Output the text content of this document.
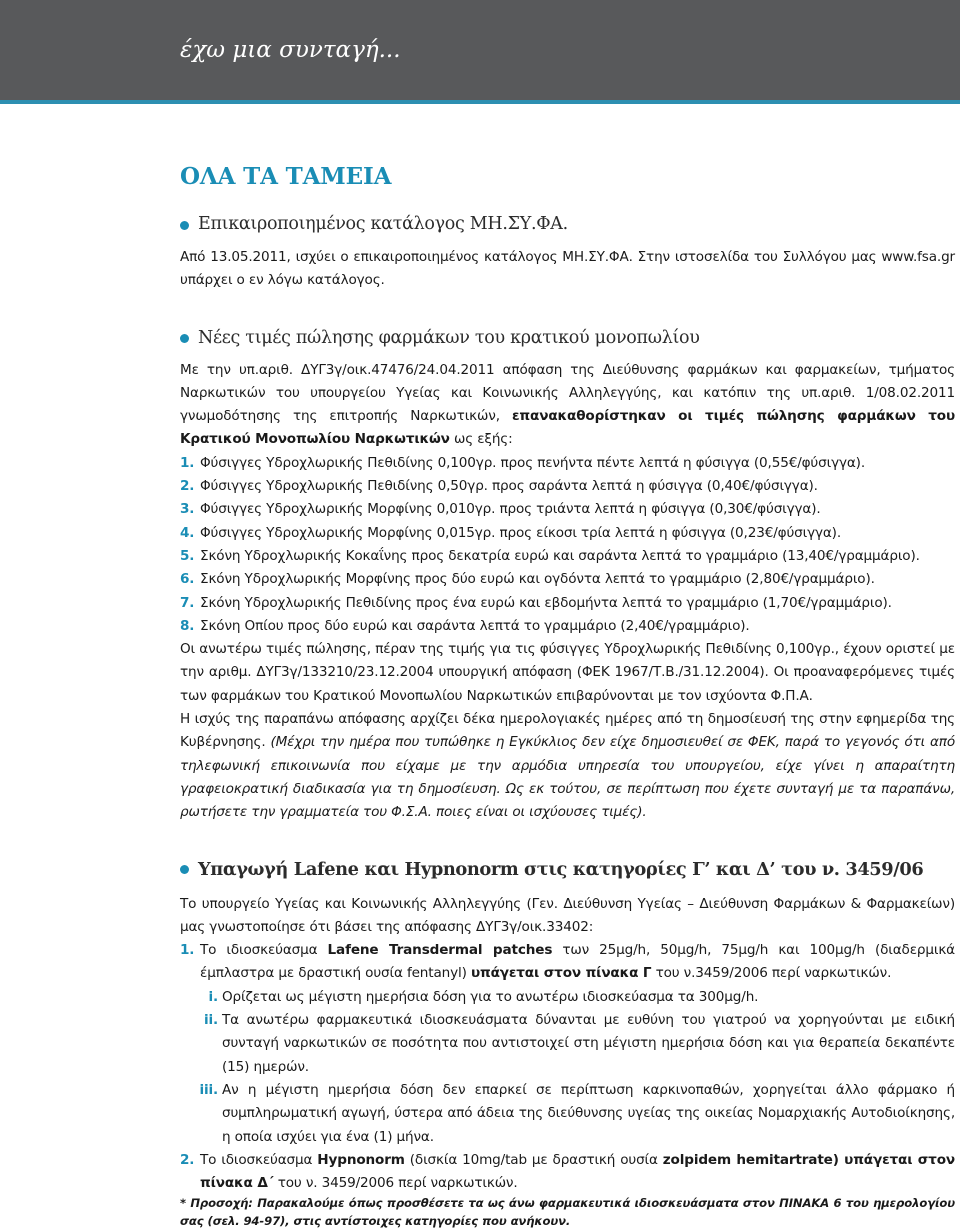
έχω μια συνταγή...
ΟΛΑ ΤΑ ΤΑΜΕΙΑ
Επικαιροποιημένος κατάλογος ΜΗ.ΣΥ.ΦΑ.

Από 13.05.2011, ισχύει ο επικαιροποιημένος κατάλογος ΜΗ.ΣΥ.ΦΑ. Στην ιστοσελίδα του Συλλόγου μας www.fsa.gr υπάρχει ο εν λόγω κατάλογος.

Νέες τιμές πώλησης φαρμάκων του κρατικού μονοπωλίου

Με την υπ.αριθ. ΔΥΓ3γ/οικ.47476/24.04.2011 απόφαση της Διεύθυνσης φαρμάκων και φαρμακείων, τμήματος Ναρκωτικών του υπουργείου Υγείας και Κοινωνικής Αλληλεγγύης, και κατόπιν της υπ.αριθ. 1/08.02.2011 γνωμοδότησης της επιτροπής Ναρκωτικών, επανακαθορίστηκαν οι τιμές πώλησης φαρμάκων του Κρατικού Μονοπωλίου Ναρκωτικών ως εξής:

1. Φύσιγγες Υδροχλωρικής Πεθιδίνης 0,100γρ. προς πενήντα πέντε λεπτά η φύσιγγα (0,55€/φύσιγγα).
2. Φύσιγγες Υδροχλωρικής Πεθιδίνης 0,50γρ. προς σαράντα λεπτά η φύσιγγα (0,40€/φύσιγγα).
3. Φύσιγγες Υδροχλωρικής Μορφίνης 0,010γρ. προς τριάντα λεπτά η φύσιγγα (0,30€/φύσιγγα).
4. Φύσιγγες Υδροχλωρικής Μορφίνης 0,015γρ. προς είκοσι τρία λεπτά η φύσιγγα (0,23€/φύσιγγα).
5. Σκόνη Υδροχλωρικής Κοκαΐνης προς δεκατρία ευρώ και σαράντα λεπτά το γραμμάριο (13,40€/γραμμάριο).
6. Σκόνη Υδροχλωρικής Μορφίνης προς δύο ευρώ και ογδόντα λεπτά το γραμμάριο (2,80€/γραμμάριο).
7. Σκόνη Υδροχλωρικής Πεθιδίνης προς ένα ευρώ και εβδομήντα λεπτά το γραμμάριο (1,70€/γραμμάριο).
8. Σκόνη Οπίου προς δύο ευρώ και σαράντα λεπτά το γραμμάριο (2,40€/γραμμάριο).

Οι ανωτέρω τιμές πώλησης, πέραν της τιμής για τις φύσιγγες Υδροχλωρικής Πεθιδίνης 0,100γρ., έχουν οριστεί με την αριθμ. ΔΥΓ3γ/133210/23.12.2004 υπουργική απόφαση (ΦΕΚ 1967/Τ.Β./31.12.2004). Οι προαναφερόμενες τιμές των φαρμάκων του Κρατικού Μονοπωλίου Ναρκωτικών επιβαρύνονται με τον ισχύοντα Φ.Π.Α.

Η ισχύς της παραπάνω απόφασης αρχίζει δέκα ημερολογιακές ημέρες από τη δημοσίευσή της στην εφημερίδα της Κυβέρνησης. (Μέχρι την ημέρα που τυπώθηκε η Εγκύκλιος δεν είχε δημοσιευθεί σε ΦΕΚ, παρά το γεγονός ότι από τηλεφωνική επικοινωνία που είχαμε με την αρμόδια υπηρεσία του υπουργείου, είχε γίνει η απαραίτητη γραφειοκρατική διαδικασία για τη δημοσίευση. Ως εκ τούτου, σε περίπτωση που έχετε συνταγή με τα παραπάνω, ρωτήσετε την γραμματεία του Φ.Σ.Α. ποιες είναι οι ισχύουσες τιμές).

Υπαγωγή Lafene και Hypnonorm στις κατηγορίες Γ’ και Δ’ του ν. 3459/06

Το υπουργείο Υγείας και Κοινωνικής Αλληλεγγύης (Γεν. Διεύθυνση Υγείας – Διεύθυνση Φαρμάκων & Φαρμακείων) μας γνωστοποίησε ότι βάσει της απόφασης ΔΥΓ3γ/οικ.33402:

1. Το ιδιοσκεύασμα Lafene Transdermal patches των 25μg/h, 50μg/h, 75μg/h και 100μg/h (διαδερμικά έμπλαστρα με δραστική ουσία fentanyl) υπάγεται στον πίνακα Γ του ν.3459/2006 περί ναρκωτικών.
i. Ορίζεται ως μέγιστη ημερήσια δόση για το ανωτέρω ιδιοσκεύασμα τα 300μg/h.
ii. Τα ανωτέρω φαρμακευτικά ιδιοσκευάσματα δύνανται με ευθύνη του γιατρού να χορηγούνται με ειδική συνταγή ναρκωτικών σε ποσότητα που αντιστοιχεί στη μέγιστη ημερήσια δόση και για θεραπεία δεκαπέντε (15) ημερών.
iii. Αν η μέγιστη ημερήσια δόση δεν επαρκεί σε περίπτωση καρκινοπαθών, χορηγείται άλλο φάρμακο ή συμπληρωματική αγωγή, ύστερα από άδεια της διεύθυνσης υγείας της οικείας Νομαρχιακής Αυτοδιοίκησης, η οποία ισχύει για ένα (1) μήνα.
2. Το ιδιοσκεύασμα Hypnonorm (δισκία 10mg/tab με δραστική ουσία zolpidem hemitartrate) υπάγεται στον πίνακα Δ΄ του ν. 3459/2006 περί ναρκωτικών.

* Προσοχή: Παρακαλούμε όπως προσθέσετε τα ως άνω φαρμακευτικά ιδιοσκευάσματα στον ΠΙΝΑΚΑ 6 του ημερολογίου σας (σελ. 94-97), στις αντίστοιχες κατηγορίες που ανήκουν.
